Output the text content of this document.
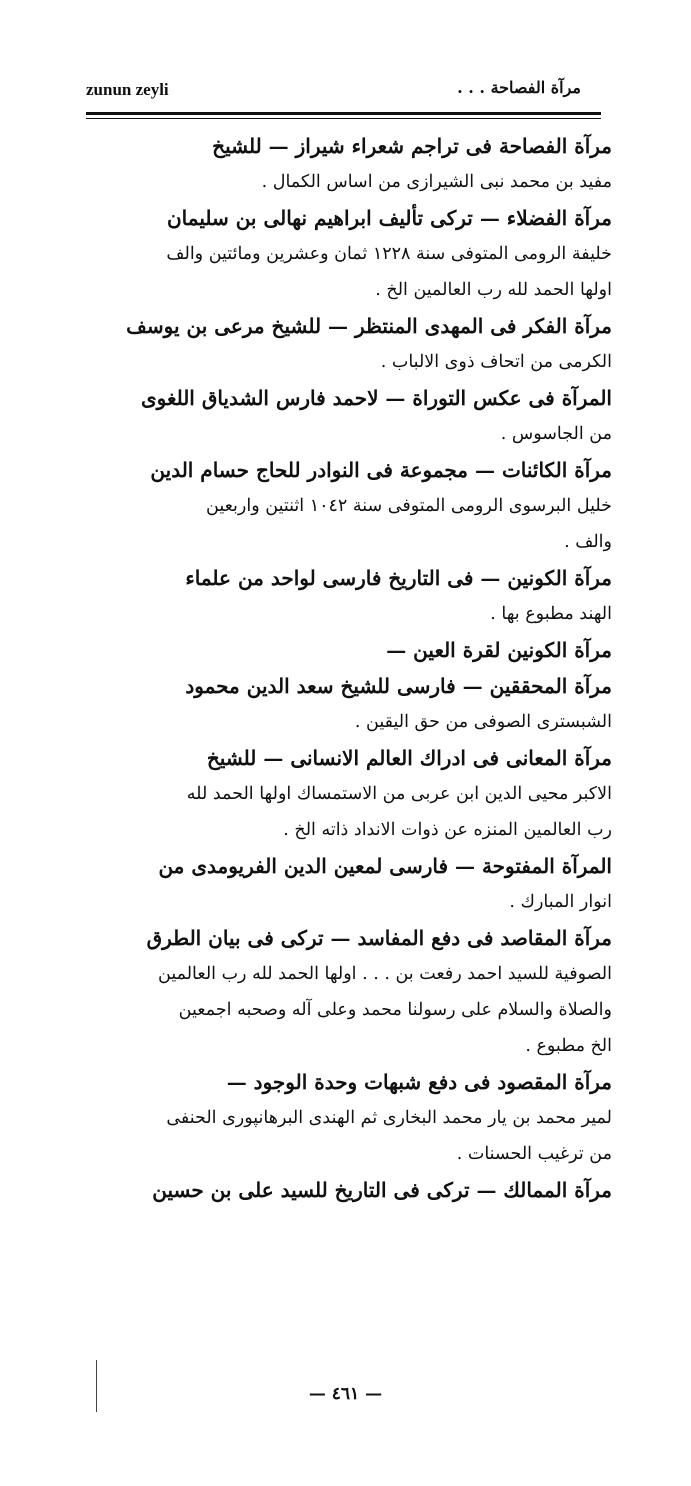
zunun zeyli	مرآة الفصاحة . . .
مرآة الفصاحة فى تراجم شعراء شيراز — للشيخ
مفيد بن محمد نبى الشيرازى من اساس الكمال .
مرآة الفضلاء — تركى تأليف ابراهيم نهالى بن سليمان
خليفة الرومى المتوفى سنة ١٢٢٨ ثمان وعشرين ومائتين والف
اولها الحمد لله رب العالمين الخ .
مرآة الفكر فى المهدى المنتظر — للشيخ مرعى بن يوسف
الكرمى من اتحاف ذوى الالباب .
المرآة فى عكس التوراة — لاحمد فارس الشدياق اللغوى
من الجاسوس .
مرآة الكائنات — مجموعة فى النوادر للحاج حسام الدين
خليل البرسوى الرومى المتوفى سنة ١٠٤٢ اثنتين واربعين
والف .
مرآة الكونين — فى التاريخ فارسى لواحد من علماء
الهند مطبوع بها .
مرآة الكونين لقرة العين —
مرآة المحققين — فارسى للشيخ سعد الدين محمود
الشبسترى الصوفى من حق اليقين .
مرآة المعانى فى ادراك العالم الانسانى — للشيخ
الاكبر محيى الدين ابن عربى من الاستمساك اولها الحمد لله
رب العالمين المنزه عن ذوات الانداد ذاته الخ .
المرآة المفتوحة — فارسى لمعين الدين الفريومدى من
انوار المبارك .
مرآة المقاصد فى دفع المفاسد — تركى فى بيان الطرق
الصوفية للسيد احمد رفعت بن . . . اولها الحمد لله رب العالمين
والصلاة والسلام على رسولنا محمد وعلى آله وصحبه اجمعين
الخ مطبوع .
مرآة المقصود فى دفع شبهات وحدة الوجود —
لمير محمد بن يار محمد البخارى ثم الهندى البرهانپورى الحنفى
من ترغيب الحسنات .
مرآة الممالك — تركى فى التاريخ للسيد على بن حسين
— ٤٦١ —
